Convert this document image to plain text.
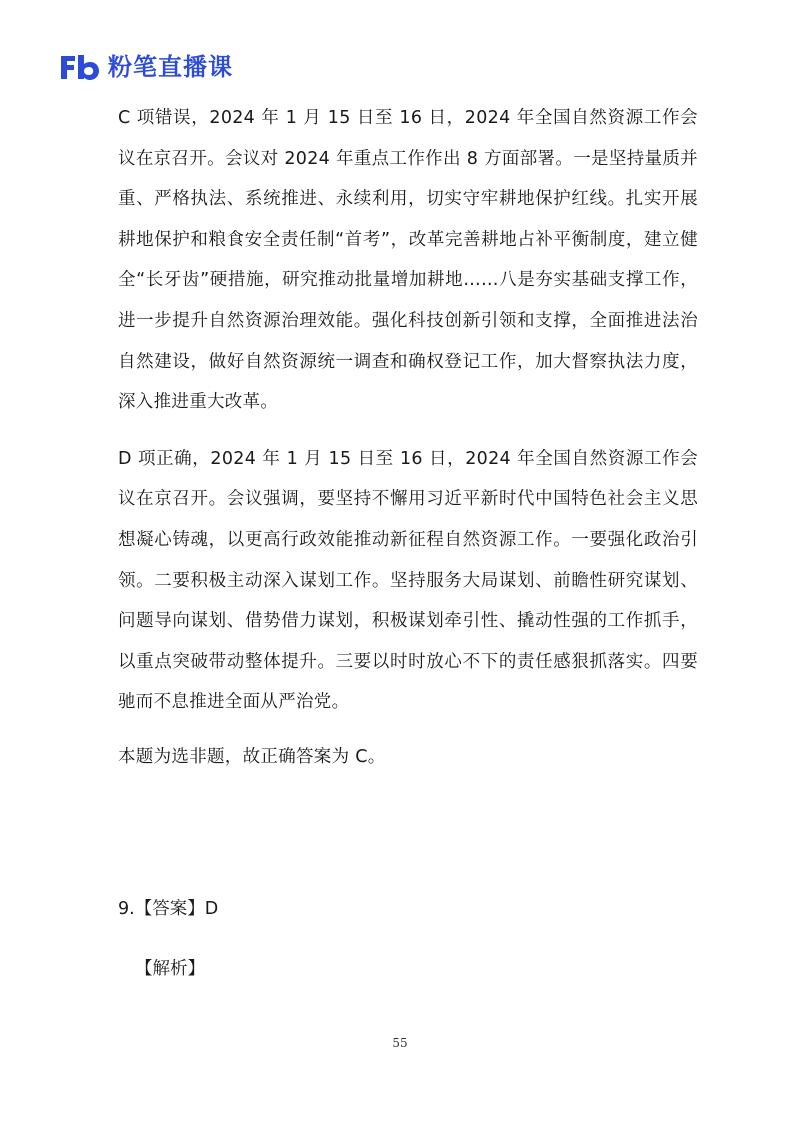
粉笔直播课

C 项错误，2024 年 1 月 15 日至 16 日，2024 年全国自然资源工作会议在京召开。会议对 2024 年重点工作作出 8 方面部署。一是坚持量质并重、严格执法、系统推进、永续利用，切实守牢耕地保护红线。扎实开展耕地保护和粮食安全责任制“首考”，改革完善耕地占补平衡制度，建立健全“长牙齿”硬措施，研究推动批量增加耕地……八是夯实基础支撑工作，进一步提升自然资源治理效能。强化科技创新引领和支撑，全面推进法治自然建设，做好自然资源统一调查和确权登记工作，加大督察执法力度，深入推进重大改革。

D 项正确，2024 年 1 月 15 日至 16 日，2024 年全国自然资源工作会议在京召开。会议强调，要坚持不懈用习近平新时代中国特色社会主义思想凝心铸魂，以更高行政效能推动新征程自然资源工作。一要强化政治引领。二要积极主动深入谋划工作。坚持服务大局谋划、前瞻性研究谋划、问题导向谋划、借势借力谋划，积极谋划牵引性、撬动性强的工作抓手，以重点突破带动整体提升。三要以时时放心不下的责任感狠抓落实。四要驰而不息推进全面从严治党。

本题为选非题，故正确答案为 C。

9.【答案】D
【解析】
55
